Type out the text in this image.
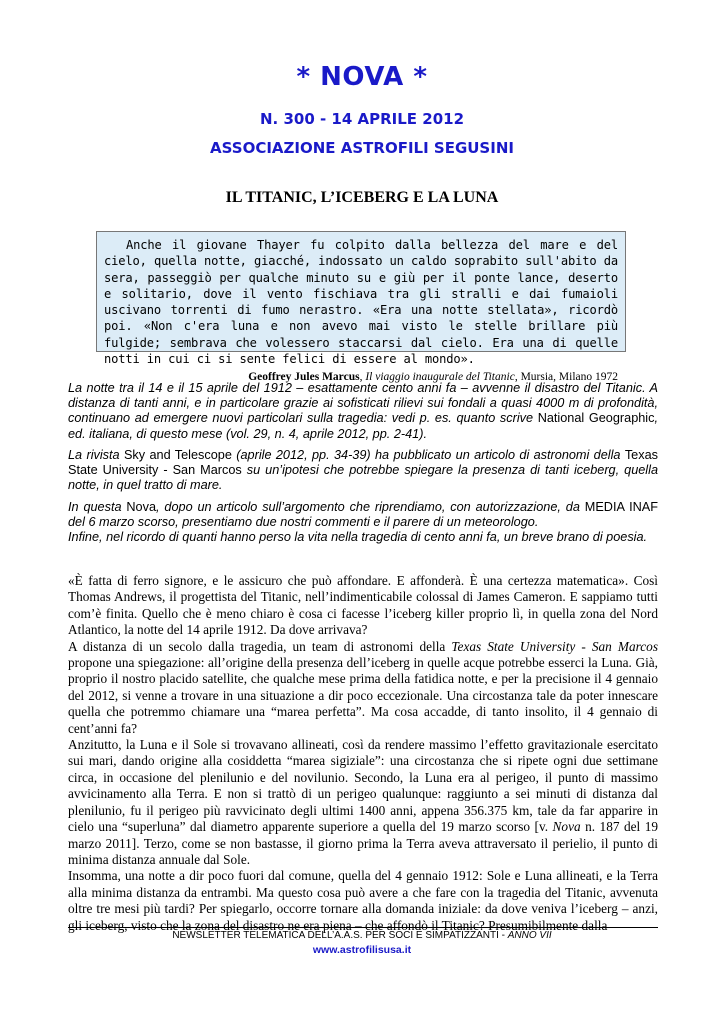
* NOVA *
N. 300 - 14 APRILE 2012
ASSOCIAZIONE ASTROFILI SEGUSINI
IL TITANIC, L’ICEBERG E LA LUNA

Anche il giovane Thayer fu colpito dalla bellezza del mare e del cielo, quella notte, giacché, indossato un caldo soprabito sull'abito da sera, passeggiò per qualche minuto su e giù per il ponte lance, deserto e solitario, dove il vento fischiava tra gli stralli e dai fumaioli uscivano torrenti di fumo nerastro. «Era una notte stellata», ricordò poi. «Non c'era luna e non avevo mai visto le stelle brillare più fulgide; sembrava che volessero staccarsi dal cielo. Era una di quelle notti in cui ci si sente felici di essere al mondo».

Geoffrey Jules Marcus, Il viaggio inaugurale del Titanic, Mursia, Milano 1972

La notte tra il 14 e il 15 aprile del 1912 – esattamente cento anni fa – avvenne il disastro del Titanic. A distanza di tanti anni, e in particolare grazie ai sofisticati rilievi sui fondali a quasi 4000 m di profondità, continuano ad emergere nuovi particolari sulla tragedia: vedi p. es. quanto scrive National Geographic, ed. italiana, di questo mese (vol. 29, n. 4, aprile 2012, pp. 2-41).

La rivista Sky and Telescope (aprile 2012, pp. 34-39) ha pubblicato un articolo di astronomi della Texas State University - San Marcos su un’ipotesi che potrebbe spiegare la presenza di tanti iceberg, quella notte, in quel tratto di mare.

In questa Nova, dopo un articolo sull’argomento che riprendiamo, con autorizzazione, da MEDIA INAF del 6 marzo scorso, presentiamo due nostri commenti e il parere di un meteorologo.
Infine, nel ricordo di quanti hanno perso la vita nella tragedia di cento anni fa, un breve brano di poesia.

«È fatta di ferro signore, e le assicuro che può affondare. E affonderà. È una certezza matematica». Così Thomas Andrews, il progettista del Titanic, nell’indimenticabile colossal di James Cameron. E sappiamo tutti com’è finita. Quello che è meno chiaro è cosa ci facesse l’iceberg killer proprio lì, in quella zona del Nord Atlantico, la notte del 14 aprile 1912. Da dove arrivava?

A distanza di un secolo dalla tragedia, un team di astronomi della Texas State University - San Marcos propone una spiegazione: all’origine della presenza dell’iceberg in quelle acque potrebbe esserci la Luna. Già, proprio il nostro placido satellite, che qualche mese prima della fatidica notte, e per la precisione il 4 gennaio del 2012, si venne a trovare in una situazione a dir poco eccezionale. Una circostanza tale da poter innescare quella che potremmo chiamare una “marea perfetta”. Ma cosa accadde, di tanto insolito, il 4 gennaio di cent’anni fa?

Anzitutto, la Luna e il Sole si trovavano allineati, così da rendere massimo l’effetto gravitazionale esercitato sui mari, dando origine alla cosiddetta “marea sigiziale”: una circostanza che si ripete ogni due settimane circa, in occasione del plenilunio e del novilunio. Secondo, la Luna era al perigeo, il punto di massimo avvicinamento alla Terra. E non si trattò di un perigeo qualunque: raggiunto a sei minuti di distanza dal plenilunio, fu il perigeo più ravvicinato degli ultimi 1400 anni, appena 356.375 km, tale da far apparire in cielo una “superluna” dal diametro apparente superiore a quella del 19 marzo scorso [v. Nova n. 187 del 19 marzo 2011]. Terzo, come se non bastasse, il giorno prima la Terra aveva attraversato il perielio, il punto di minima distanza annuale dal Sole.

Insomma, una notte a dir poco fuori dal comune, quella del 4 gennaio 1912: Sole e Luna allineati, e la Terra alla minima distanza da entrambi. Ma questo cosa può avere a che fare con la tragedia del Titanic, avvenuta oltre tre mesi più tardi? Per spiegarlo, occorre tornare alla domanda iniziale: da dove veniva l’iceberg – anzi, gli iceberg, visto che la zona del disastro ne era piena – che affondò il Titanic? Presumibilmente dalla

NEWSLETTER TELEMATICA DELL’A.A.S. PER SOCI E SIMPATIZZANTI - ANNO VII
www.astrofilisusa.it
